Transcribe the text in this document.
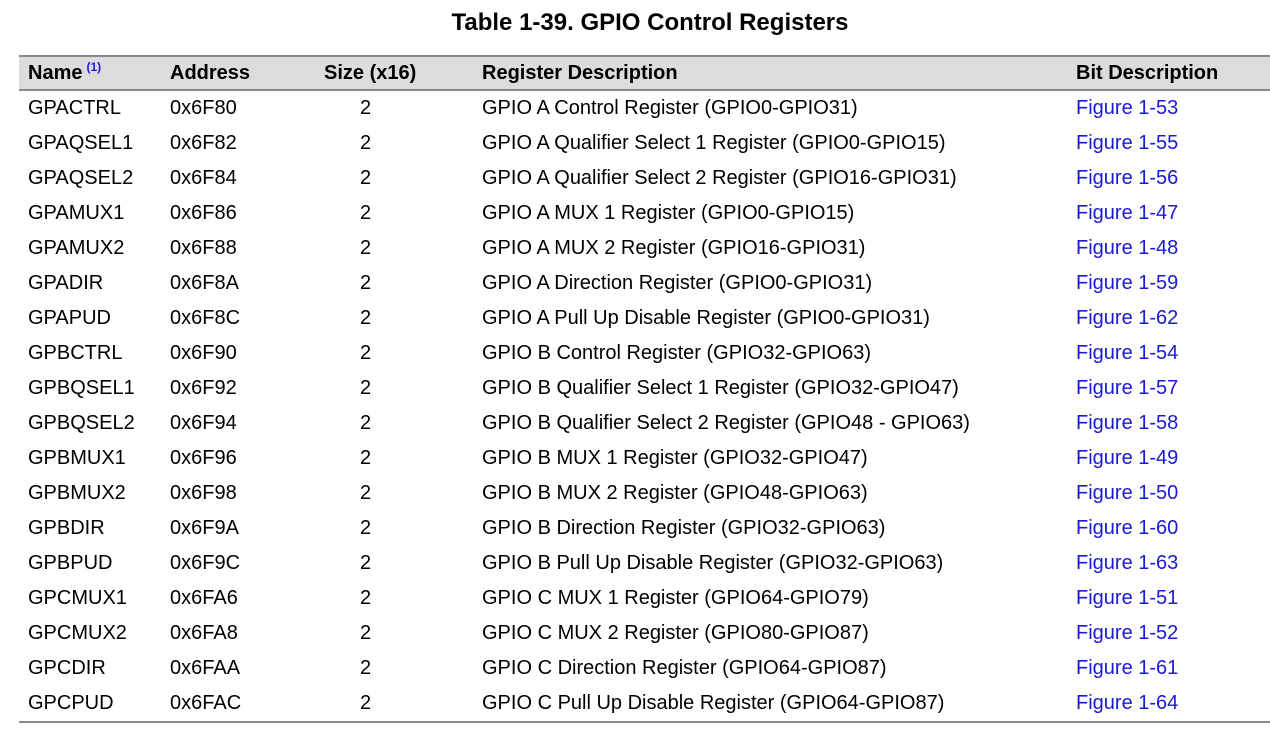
Table 1-39. GPIO Control Registers
Name $^{(1)}$	Address	Size (x16)	Register Description	Bit Description
GPACTRL	0x6F80	2	GPIO A Control Register (GPIO0-GPIO31)	Figure 1-53
GPAQSEL1	0x6F82	2	GPIO A Qualifier Select 1 Register (GPIO0-GPIO15)	Figure 1-55
GPAQSEL2	0x6F84	2	GPIO A Qualifier Select 2 Register (GPIO16-GPIO31)	Figure 1-56
GPAMUX1	0x6F86	2	GPIO A MUX 1 Register (GPIO0-GPIO15)	Figure 1-47
GPAMUX2	0x6F88	2	GPIO A MUX 2 Register (GPIO16-GPIO31)	Figure 1-48
GPADIR	0x6F8A	2	GPIO A Direction Register (GPIO0-GPIO31)	Figure 1-59
GPAPUD	0x6F8C	2	GPIO A Pull Up Disable Register (GPIO0-GPIO31)	Figure 1-62
GPBCTRL	0x6F90	2	GPIO B Control Register (GPIO32-GPIO63)	Figure 1-54
GPBQSEL1	0x6F92	2	GPIO B Qualifier Select 1 Register (GPIO32-GPIO47)	Figure 1-57
GPBQSEL2	0x6F94	2	GPIO B Qualifier Select 2 Register (GPIO48 - GPIO63)	Figure 1-58
GPBMUX1	0x6F96	2	GPIO B MUX 1 Register (GPIO32-GPIO47)	Figure 1-49
GPBMUX2	0x6F98	2	GPIO B MUX 2 Register (GPIO48-GPIO63)	Figure 1-50
GPBDIR	0x6F9A	2	GPIO B Direction Register (GPIO32-GPIO63)	Figure 1-60
GPBPUD	0x6F9C	2	GPIO B Pull Up Disable Register (GPIO32-GPIO63)	Figure 1-63
GPCMUX1	0x6FA6	2	GPIO C MUX 1 Register (GPIO64-GPIO79)	Figure 1-51
GPCMUX2	0x6FA8	2	GPIO C MUX 2 Register (GPIO80-GPIO87)	Figure 1-52
GPCDIR	0x6FAA	2	GPIO C Direction Register (GPIO64-GPIO87)	Figure 1-61
GPCPUD	0x6FAC	2	GPIO C Pull Up Disable Register (GPIO64-GPIO87)	Figure 1-64
